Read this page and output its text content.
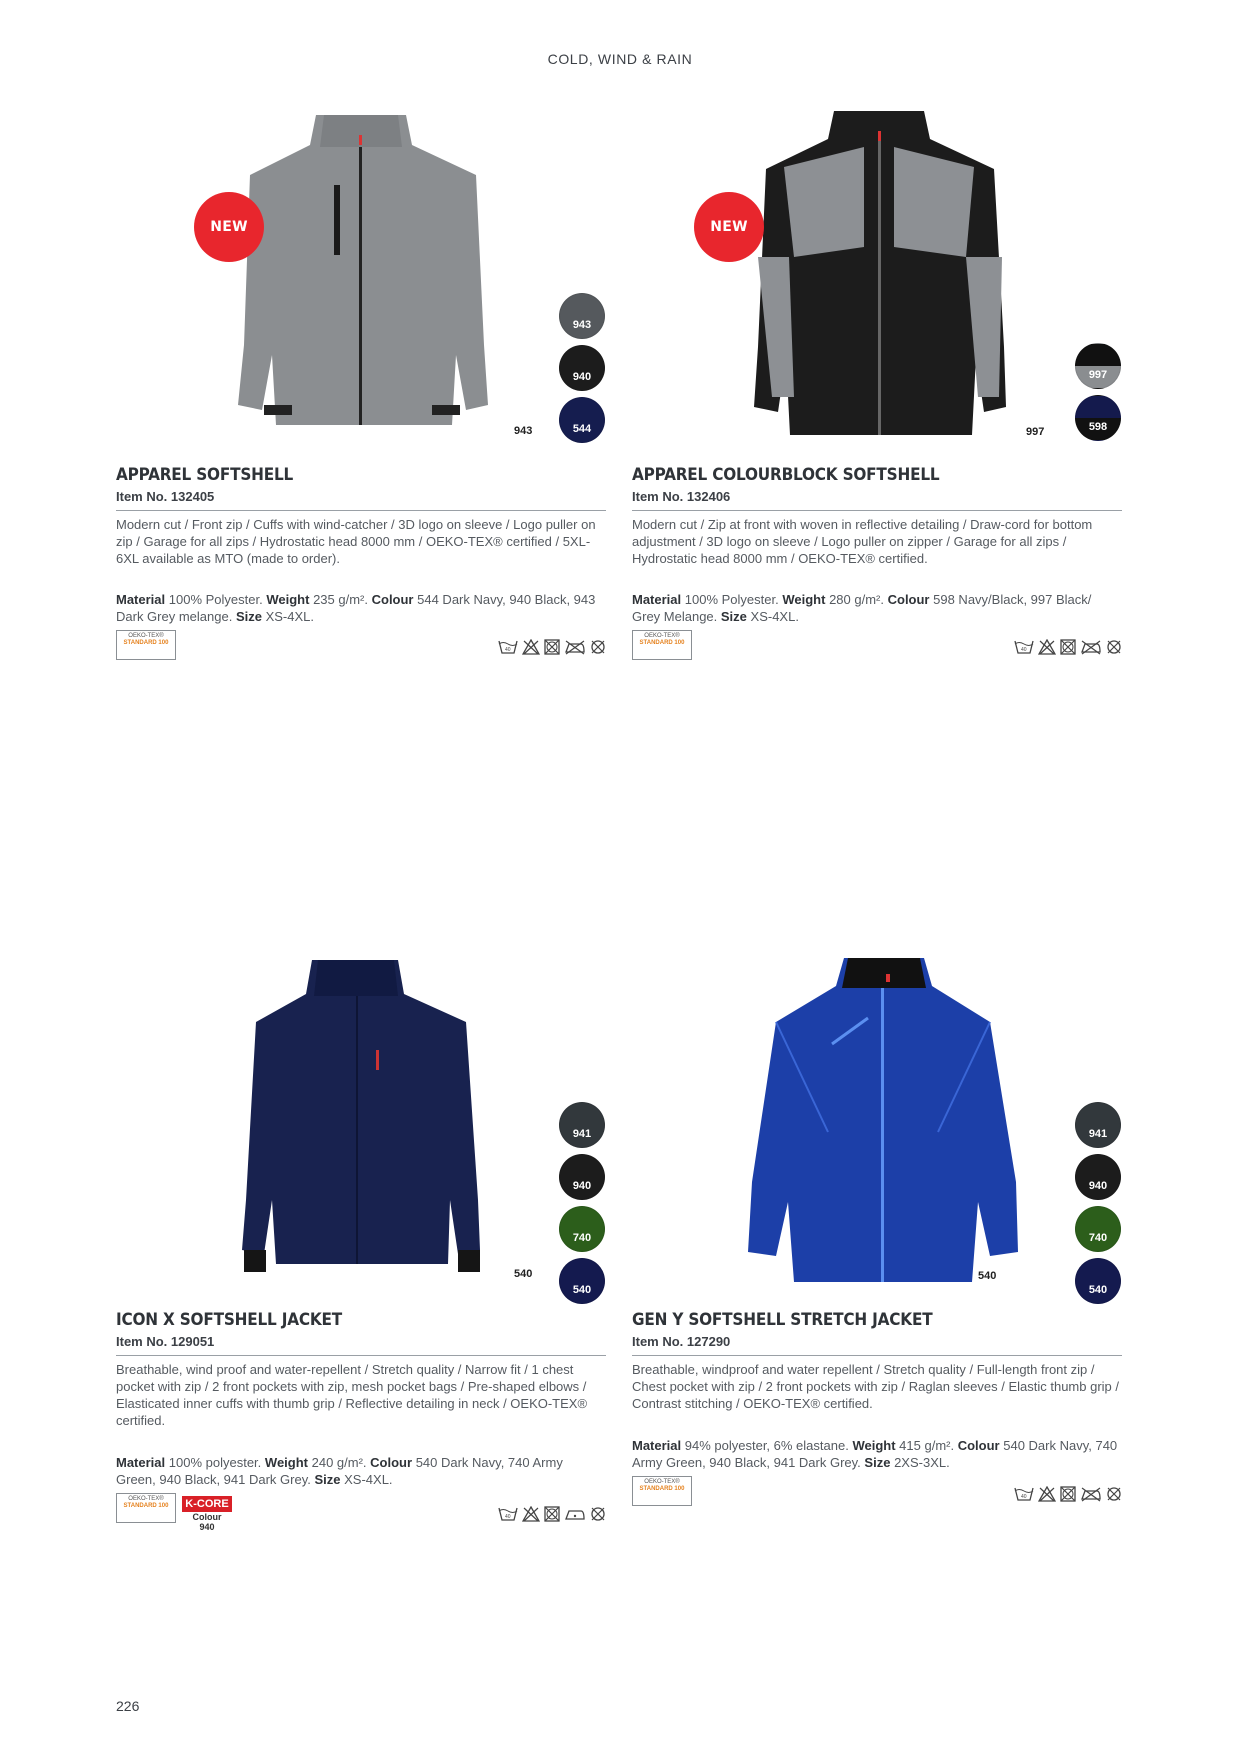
COLD, WIND & RAIN
NEW
943
943
940
544
APPAREL SOFTSHELL
Item No. 132405
Modern cut / Front zip / Cuffs with wind-catcher / 3D logo on sleeve / Logo puller on zip / Garage for all zips / Hydrostatic head 8000 mm / OEKO-TEX® certified / 5XL-6XL available as MTO (made to order).
Material 100% Polyester. Weight 235 g/m². Colour 544 Dark Navy, 940 Black, 943 Dark Grey melange. Size XS-4XL.
OEKO-TEX®
STANDARD 100
40
NEW
997
997
598
APPAREL COLOURBLOCK SOFTSHELL
Item No. 132406
Modern cut / Zip at front with woven in reflective detailing / Draw-cord for bottom adjustment / 3D logo on sleeve / Logo puller on zipper / Garage for all zips / Hydrostatic head 8000 mm / OEKO-TEX® certified.
Material 100% Polyester. Weight 280 g/m². Colour 598 Navy/Black, 997 Black/ Grey Melange. Size XS-4XL.
OEKO-TEX®
STANDARD 100
40
540
941
940
740
540
ICON X SOFTSHELL JACKET
Item No. 129051
Breathable, wind proof and water-repellent / Stretch quality / Narrow fit / 1 chest pocket with zip / 2 front pockets with zip, mesh pocket bags / Pre-shaped elbows / Elasticated inner cuffs with thumb grip / Reflective detailing in neck / OEKO-TEX® certified.
Material 100% polyester. Weight 240 g/m². Colour 540 Dark Navy, 740 Army Green, 940 Black, 941 Dark Grey. Size XS-4XL.
OEKO-TEX®
STANDARD 100	K-CORE
Colour
940
40
540
941
940
740
540
GEN Y SOFTSHELL STRETCH JACKET
Item No. 127290
Breathable, windproof and water repellent / Stretch quality / Full-length front zip / Chest pocket with zip / 2 front pockets with zip / Raglan sleeves / Elastic thumb grip / Contrast stitching / OEKO-TEX® certified.
Material 94% polyester, 6% elastane. Weight 415 g/m². Colour 540 Dark Navy, 740 Army Green, 940 Black, 941 Dark Grey. Size 2XS-3XL.
OEKO-TEX®
STANDARD 100
40
226
